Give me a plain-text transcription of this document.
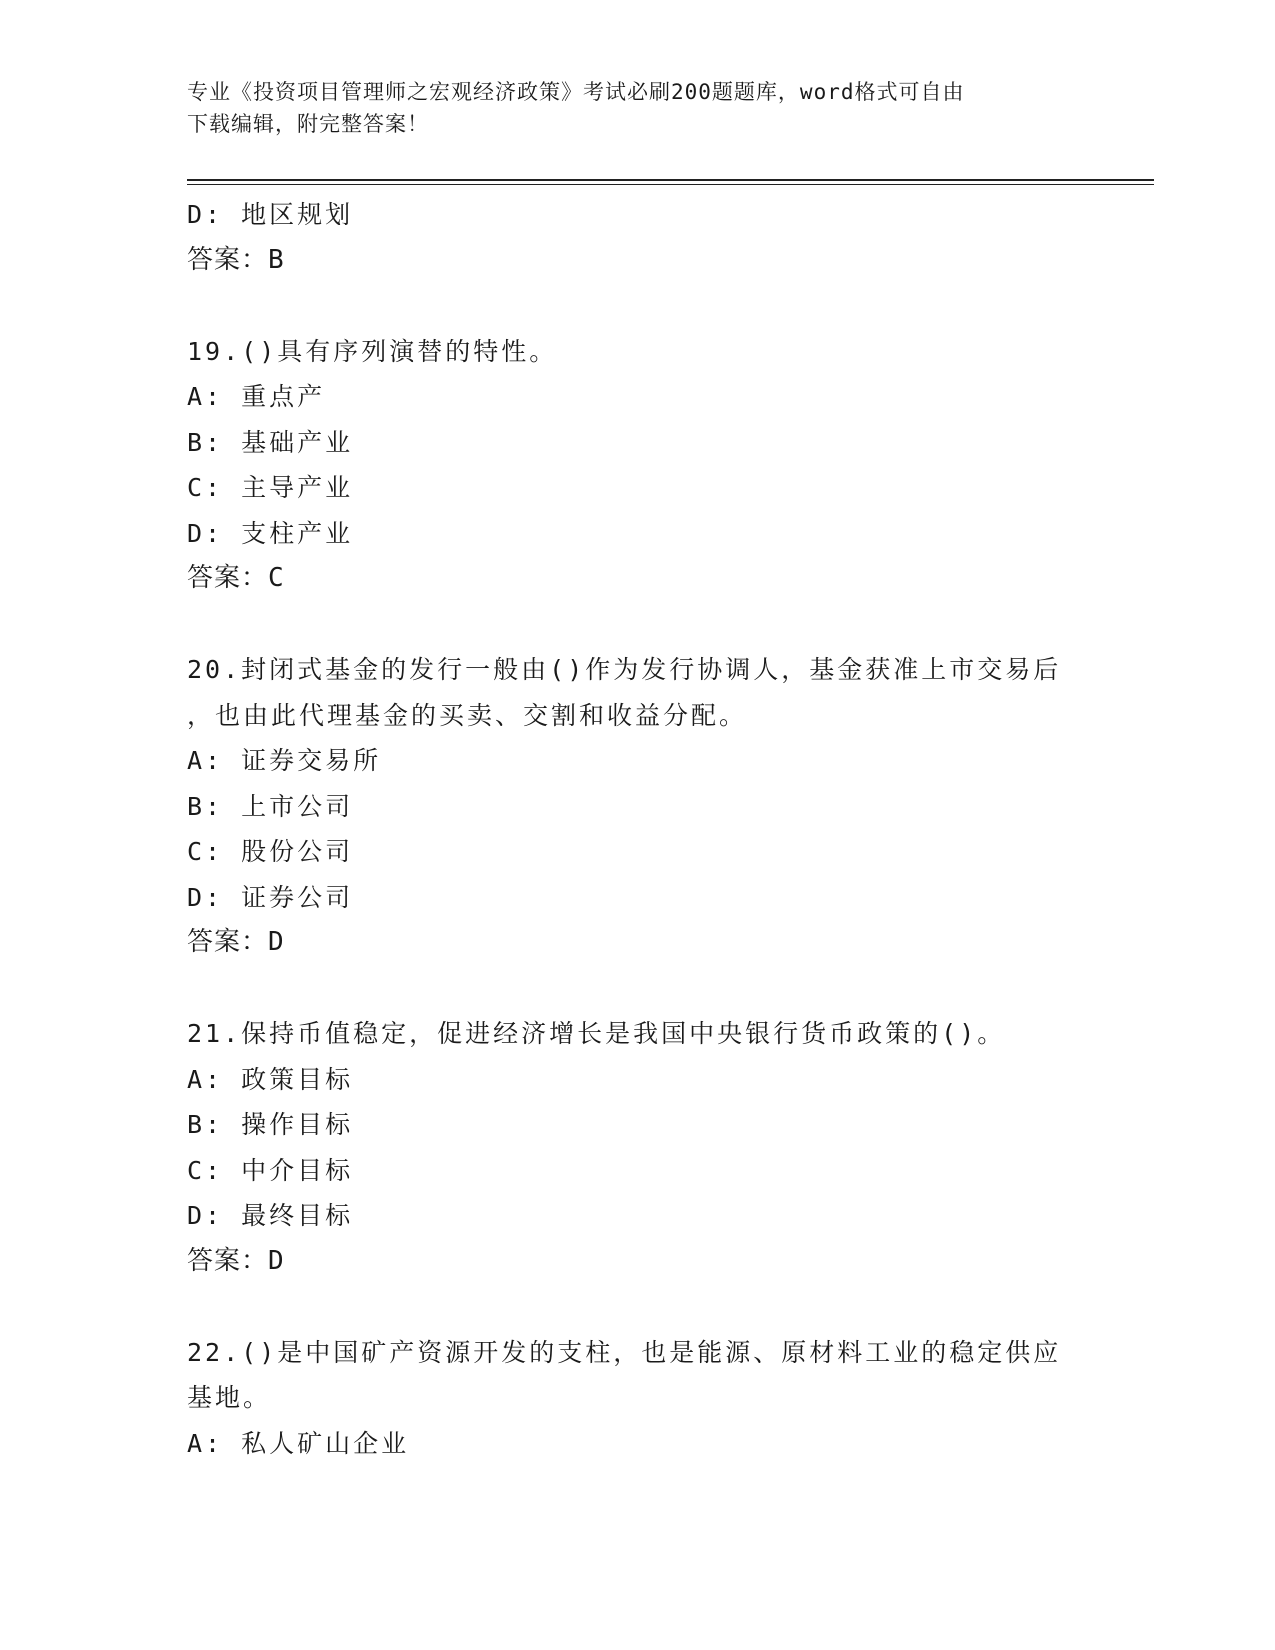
专业《投资项目管理师之宏观经济政策》考试必刷200题题库，word格式可自由
下载编辑，附完整答案！
D: 地区规划
答案：B
19.()具有序列演替的特性。
A: 重点产
B: 基础产业
C: 主导产业
D: 支柱产业
答案：C
20.封闭式基金的发行一般由()作为发行协调人，基金获准上市交易后
，也由此代理基金的买卖、交割和收益分配。
A: 证券交易所
B: 上市公司
C: 股份公司
D: 证券公司
答案：D
21.保持币值稳定，促进经济增长是我国中央银行货币政策的()。
A: 政策目标
B: 操作目标
C: 中介目标
D: 最终目标
答案：D
22.()是中国矿产资源开发的支柱，也是能源、原材料工业的稳定供应
基地。
A: 私人矿山企业
